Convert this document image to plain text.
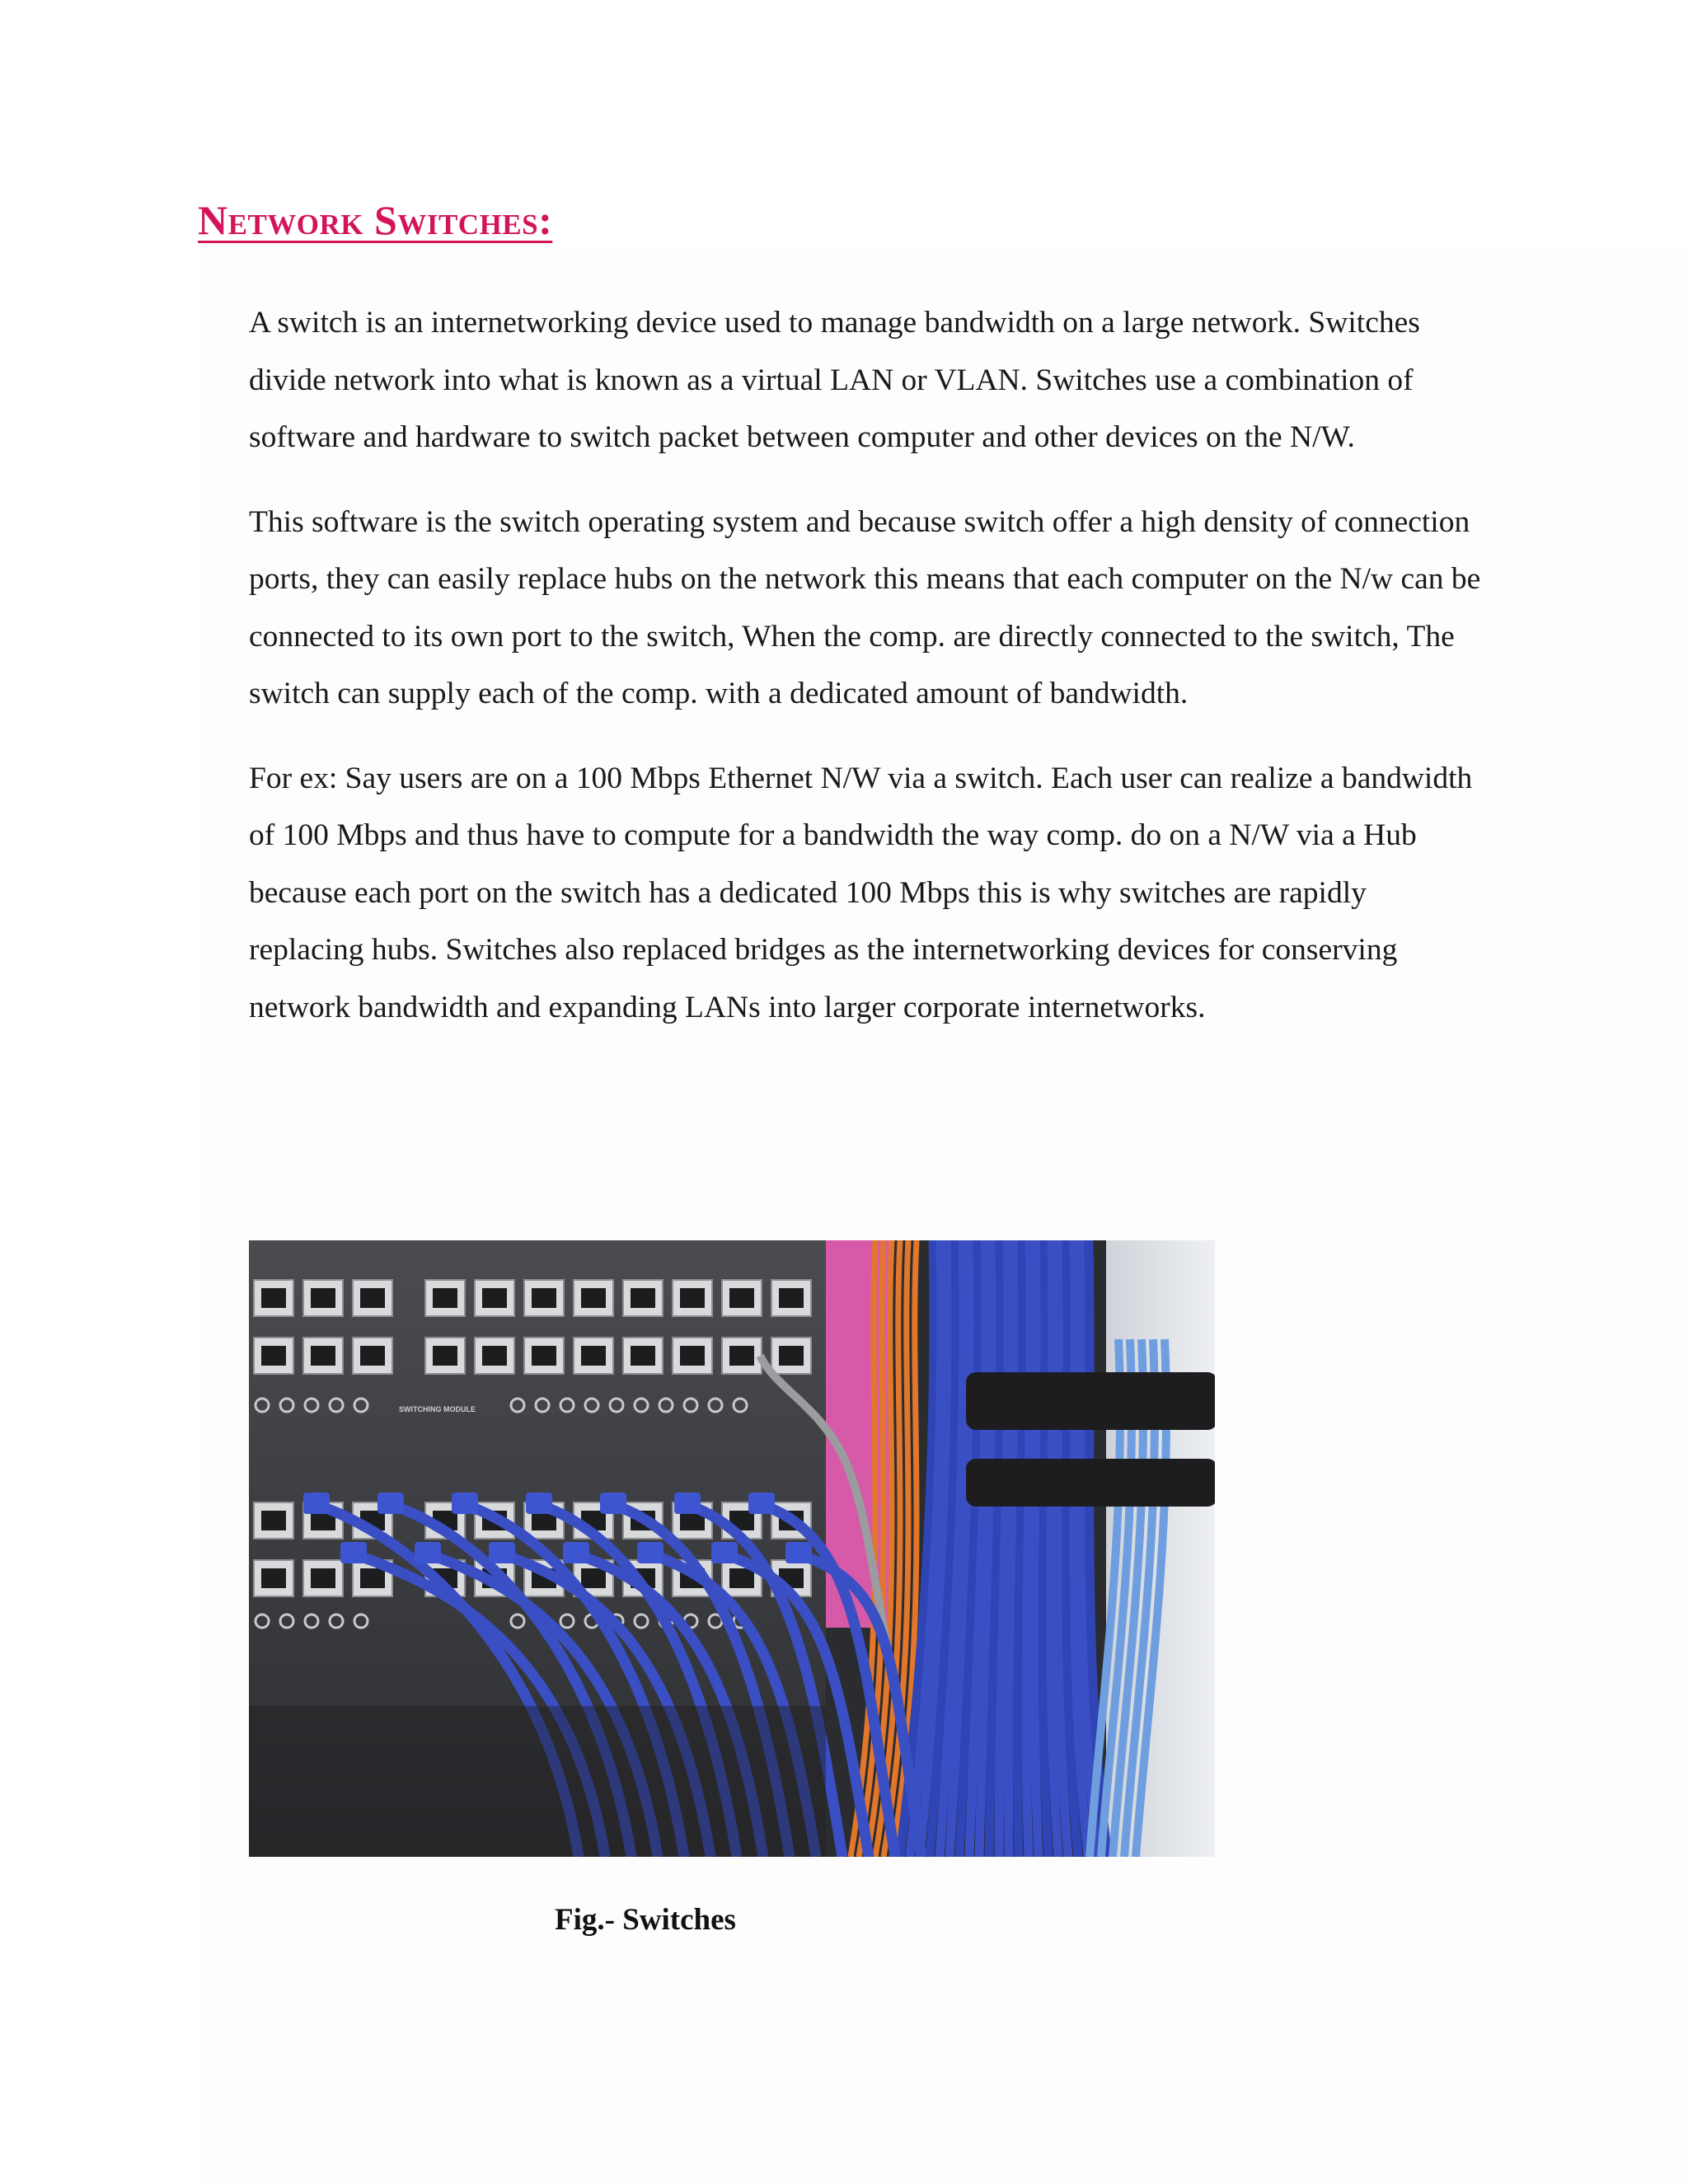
Network Switches:

A switch is an internetworking device used to manage bandwidth on a large network. Switches divide network into what is known as a virtual LAN or VLAN. Switches use a combination of software and hardware to switch packet between computer and other devices on the N/W.

This software is the switch operating system and because switch offer a high density of connection ports, they can easily replace hubs on the network this means that each computer on the N/w can be connected to its own port to the switch, When the comp. are directly connected to the switch, The switch can supply each of the comp. with a dedicated amount of bandwidth.

For ex: Say users are on a 100 Mbps Ethernet N/W via a switch. Each user can realize a bandwidth of 100 Mbps and thus have to compute for a bandwidth the way comp. do on a N/W via a Hub because each port on the switch has a dedicated 100 Mbps this is why switches are rapidly replacing hubs. Switches also replaced bridges as the internetworking devices for conserving network bandwidth and expanding LANs into larger corporate internetworks.

SWITCHING MODULE
Fig.- Switches
